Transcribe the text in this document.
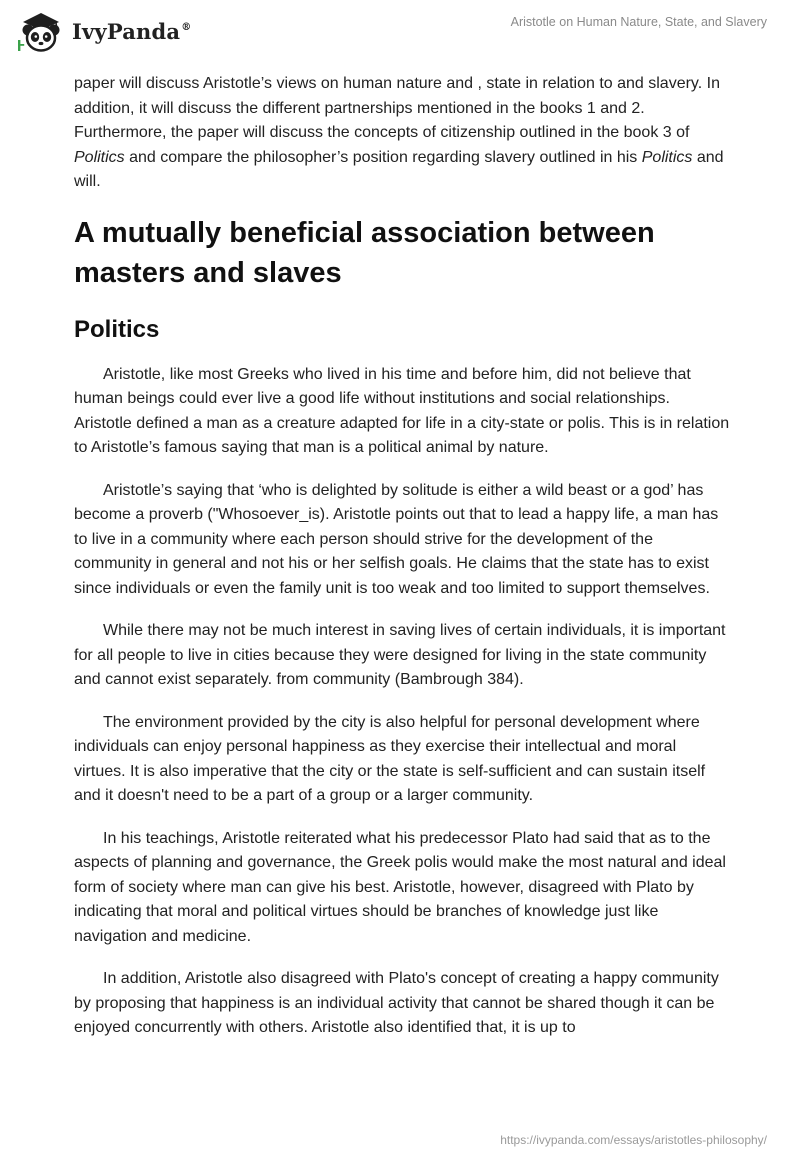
IvyPanda®	Aristotle on Human Nature, State, and Slavery

paper will discuss Aristotle’s views on human nature and , state in relation to and slavery. In addition, it will discuss the different partnerships mentioned in the books 1 and 2. Furthermore, the paper will discuss the concepts of citizenship outlined in the book 3 of Politics and compare the philosopher’s position regarding slavery outlined in his Politics and will.

A mutually beneficial association between masters and slaves
Politics

Aristotle, like most Greeks who lived in his time and before him, did not believe that human beings could ever live a good life without institutions and social relationships. Aristotle defined a man as a creature adapted for life in a city-state or polis. This is in relation to Aristotle’s famous saying that man is a political animal by nature.

Aristotle’s saying that ‘who is delighted by solitude is either a wild beast or a god’ has become a proverb ("Whosoever_is). Aristotle points out that to lead a happy life, a man has to live in a community where each person should strive for the development of the community in general and not his or her selfish goals. He claims that the state has to exist since individuals or even the family unit is too weak and too limited to support themselves.

While there may not be much interest in saving lives of certain individuals, it is important for all people to live in cities because they were designed for living in the state community and cannot exist separately. from community (Bambrough 384).

The environment provided by the city is also helpful for personal development where individuals can enjoy personal happiness as they exercise their intellectual and moral virtues. It is also imperative that the city or the state is self-sufficient and can sustain itself and it doesn't need to be a part of a group or a larger community.

In his teachings, Aristotle reiterated what his predecessor Plato had said that as to the aspects of planning and governance, the Greek polis would make the most natural and ideal form of society where man can give his best. Aristotle, however, disagreed with Plato by indicating that moral and political virtues should be branches of knowledge just like navigation and medicine.

In addition, Aristotle also disagreed with Plato's concept of creating a happy community by proposing that happiness is an individual activity that cannot be shared though it can be enjoyed concurrently with others. Aristotle also identified that, it is up to

https://ivypanda.com/essays/aristotles-philosophy/
